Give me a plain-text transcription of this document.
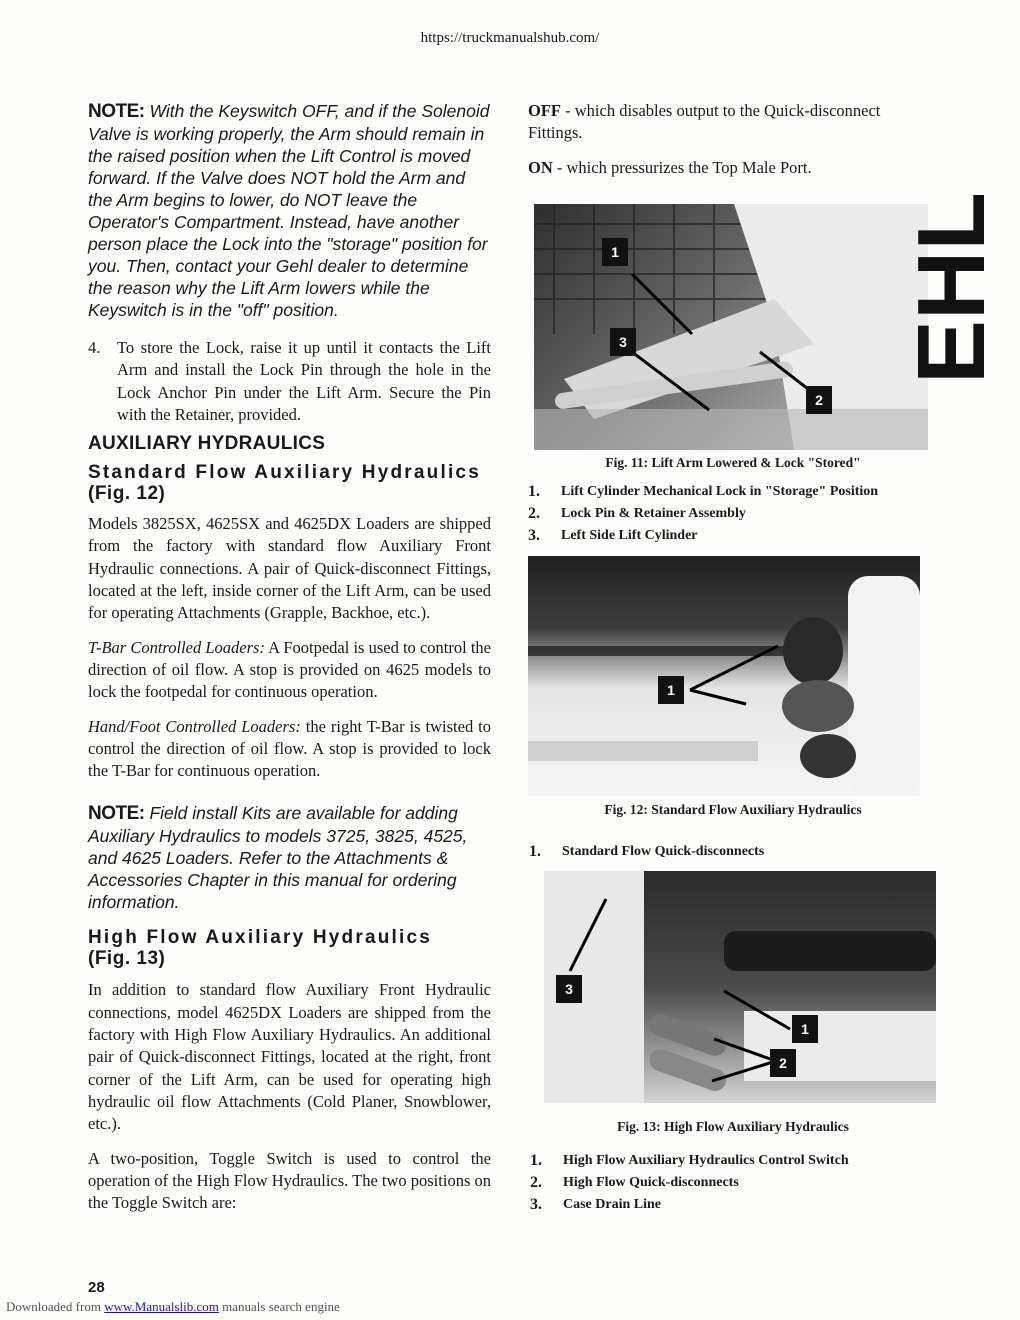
https://truckmanualshub.com/

NOTE: With the Keyswitch OFF, and if the Solenoid Valve is working properly, the Arm should remain in the raised position when the Lift Control is moved forward. If the Valve does NOT hold the Arm and the Arm begins to lower, do NOT leave the Operator's Compartment. Instead, have another person place the Lock into the "storage" position for you. Then, contact your Gehl dealer to determine the reason why the Lift Arm lowers while the Keyswitch is in the "off" position.

4.	To store the Lock, raise it up until it contacts the Lift Arm and install the Lock Pin through the hole in the Lock Anchor Pin under the Lift Arm. Secure the Pin with the Retainer, provided.

AUXILIARY HYDRAULICS

Standard Flow Auxiliary Hydraulics
(Fig. 12)

Models 3825SX, 4625SX and 4625DX Loaders are shipped from the factory with standard flow Auxiliary Front Hydraulic connections. A pair of Quick-disconnect Fittings, located at the left, inside corner of the Lift Arm, can be used for operating Attachments (Grapple, Backhoe, etc.).

T-Bar Controlled Loaders: A Footpedal is used to control the direction of oil flow. A stop is provided on 4625 models to lock the footpedal for continuous operation.

Hand/Foot Controlled Loaders: the right T-Bar is twisted to control the direction of oil flow. A stop is provided to lock the T-Bar for continuous operation.

NOTE: Field install Kits are available for adding Auxiliary Hydraulics to models 3725, 3825, 4525, and 4625 Loaders. Refer to the Attachments & Accessories Chapter in this manual for ordering information.

High Flow Auxiliary Hydraulics
(Fig. 13)

In addition to standard flow Auxiliary Front Hydraulic connections, model 4625DX Loaders are shipped from the factory with High Flow Auxiliary Hydraulics. An additional pair of Quick-disconnect Fittings, located at the right, front corner of the Lift Arm, can be used for operating high hydraulic oil flow Attachments (Cold Planer, Snowblower, etc.).

A two-position, Toggle Switch is used to control the operation of the High Flow Hydraulics. The two positions on the Toggle Switch are:

OFF - which disables output to the Quick-disconnect Fittings.

ON - which pressurizes the Top Male Port.

EHL
1
2
3
Fig. 11: Lift Arm Lowered & Lock "Stored"
1.	Lift Cylinder Mechanical Lock in "Storage" Position
2.	Lock Pin & Retainer Assembly
3.	Left Side Lift Cylinder
1
Fig. 12: Standard Flow Auxiliary Hydraulics
1.	Standard Flow Quick-disconnects
1
2
3
Fig. 13: High Flow Auxiliary Hydraulics
1.	High Flow Auxiliary Hydraulics Control Switch
2.	High Flow Quick-disconnects
3.	Case Drain Line
28
Downloaded from www.Manualslib.com manuals search engine
